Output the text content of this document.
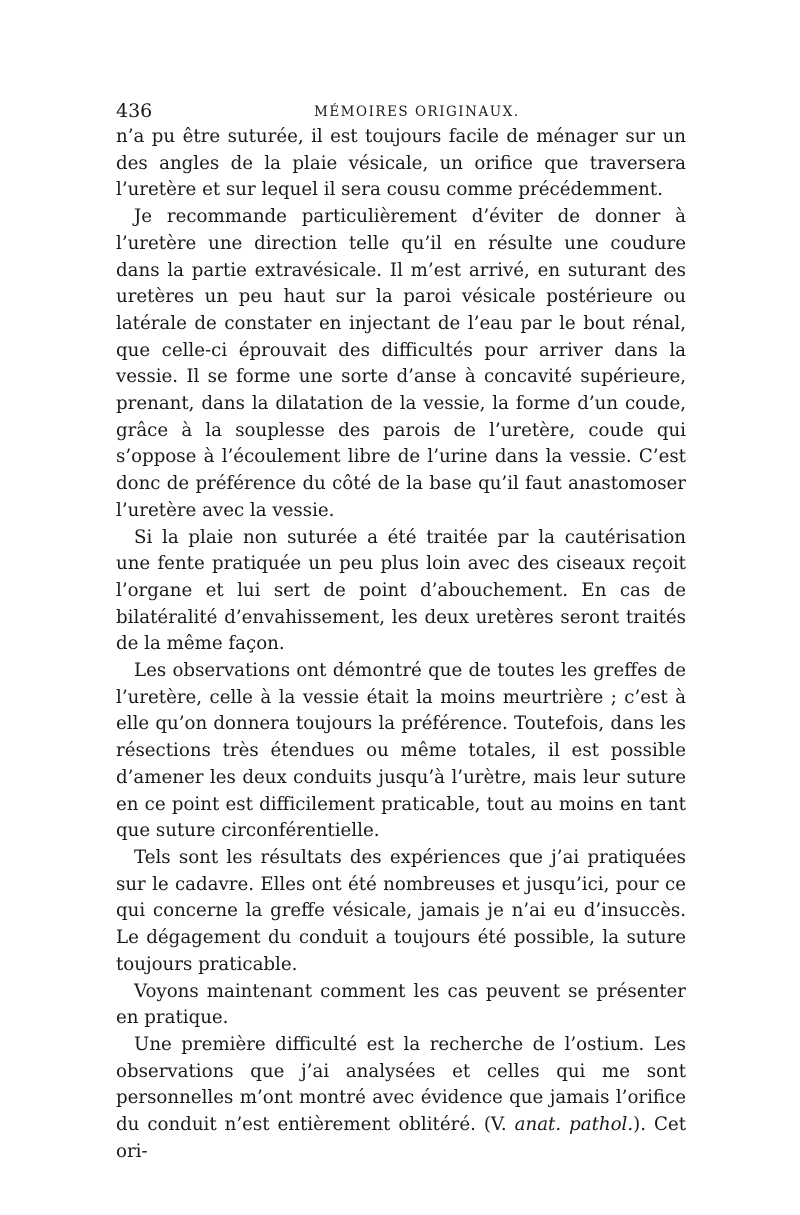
436	MÉMOIRES ORIGINAUX.

n’a pu être suturée, il est toujours facile de ménager sur un des angles de la plaie vésicale, un orifice que traversera l’uretère et sur lequel il sera cousu comme précédemment.

Je recommande particulièrement d’éviter de donner à l’uretère une direction telle qu’il en résulte une coudure dans la partie extravésicale. Il m’est arrivé, en suturant des uretères un peu haut sur la paroi vésicale postérieure ou latérale de constater en injectant de l’eau par le bout rénal, que celle-ci éprouvait des difficultés pour arriver dans la vessie. Il se forme une sorte d’anse à concavité supérieure, prenant, dans la dilatation de la vessie, la forme d’un coude, grâce à la souplesse des parois de l’uretère, coude qui s’oppose à l’écoulement libre de l’urine dans la vessie. C’est donc de préférence du côté de la base qu’il faut anastomoser l’uretère avec la vessie.

Si la plaie non suturée a été traitée par la cautérisation une fente pratiquée un peu plus loin avec des ciseaux reçoit l’organe et lui sert de point d’abouchement. En cas de bilatéralité d’envahissement, les deux uretères seront traités de la même façon.

Les observations ont démontré que de toutes les greffes de l’uretère, celle à la vessie était la moins meurtrière ; c’est à elle qu’on donnera toujours la préférence. Toutefois, dans les résections très étendues ou même totales, il est possible d’amener les deux conduits jusqu’à l’urètre, mais leur suture en ce point est difficilement praticable, tout au moins en tant que suture circonférentielle.

Tels sont les résultats des expériences que j’ai pratiquées sur le cadavre. Elles ont été nombreuses et jusqu’ici, pour ce qui concerne la greffe vésicale, jamais je n’ai eu d’insuccès. Le dégagement du conduit a toujours été possible, la suture toujours praticable.

Voyons maintenant comment les cas peuvent se présenter en pratique.

Une première difficulté est la recherche de l’ostium. Les observations que j’ai analysées et celles qui me sont personnelles m’ont montré avec évidence que jamais l’orifice du conduit n’est entièrement oblitéré. (V. anat. pathol.). Cet ori-
